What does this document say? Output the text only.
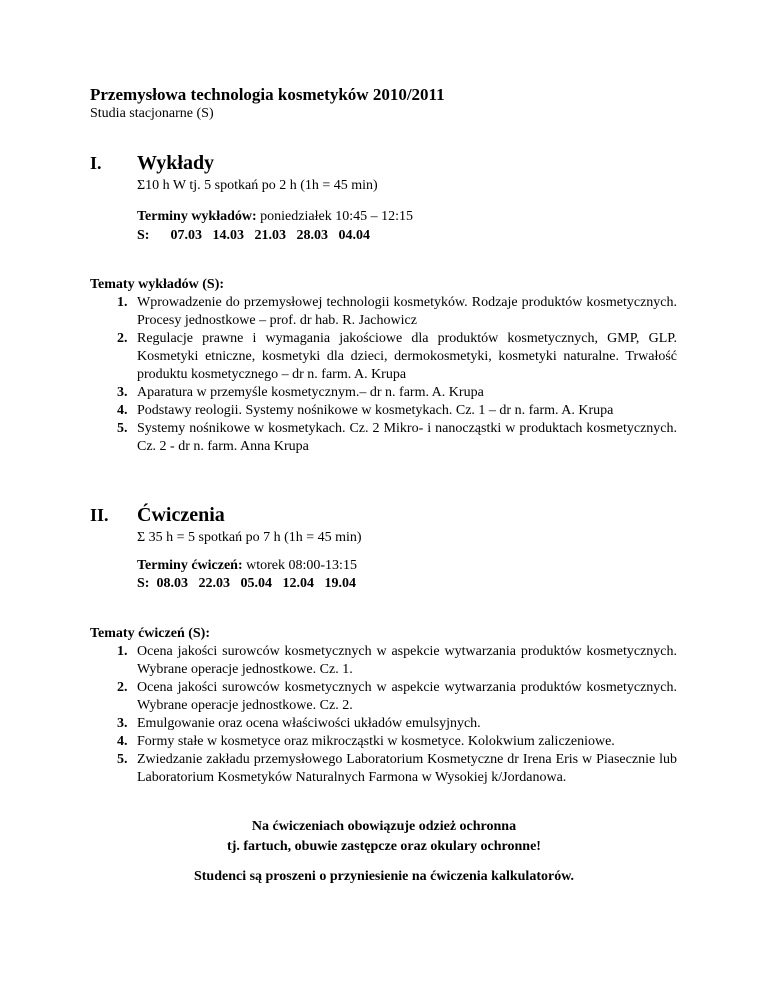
Przemysłowa technologia kosmetyków 2010/2011
Studia stacjonarne (S)
I. Wykłady
Σ10 h W tj. 5 spotkań po 2 h (1h = 45 min)
Terminy wykładów: poniedziałek 10:45 – 12:15
S:      07.03   14.03   21.03   28.03   04.04
Tematy wykładów (S):
1. Wprowadzenie do przemysłowej technologii kosmetyków. Rodzaje produktów kosmetycznych. Procesy jednostkowe – prof. dr hab. R. Jachowicz
2. Regulacje prawne i wymagania jakościowe dla produktów kosmetycznych, GMP, GLP. Kosmetyki etniczne, kosmetyki dla dzieci, dermokosmetyki, kosmetyki naturalne. Trwałość produktu kosmetycznego – dr n. farm. A. Krupa
3. Aparatura w przemyśle kosmetycznym.– dr n. farm. A. Krupa
4. Podstawy reologii. Systemy nośnikowe w kosmetykach. Cz. 1 – dr n. farm. A. Krupa
5. Systemy nośnikowe w kosmetykach. Cz. 2 Mikro- i nanocząstki w produktach kosmetycznych. Cz. 2 - dr n. farm. Anna Krupa
II. Ćwiczenia
Σ 35 h = 5 spotkań po 7 h (1h = 45 min)
Terminy ćwiczeń: wtorek 08:00-13:15
S:  08.03   22.03   05.04   12.04   19.04
Tematy ćwiczeń (S):
1. Ocena jakości surowców kosmetycznych w aspekcie wytwarzania produktów kosmetycznych. Wybrane operacje jednostkowe. Cz. 1.
2. Ocena jakości surowców kosmetycznych w aspekcie wytwarzania produktów kosmetycznych. Wybrane operacje jednostkowe. Cz. 2.
3. Emulgowanie oraz ocena właściwości układów emulsyjnych.
4. Formy stałe w kosmetyce oraz mikrocząstki w kosmetyce. Kolokwium zaliczeniowe.
5. Zwiedzanie zakładu przemysłowego Laboratorium Kosmetyczne dr Irena Eris w Piasecznie lub Laboratorium Kosmetyków Naturalnych Farmona w Wysokiej k/Jordanowa.
Na ćwiczeniach obowiązuje odzież ochronna
tj. fartuch, obuwie zastępcze oraz okulary ochronne!
Studenci są proszeni o przyniesienie na ćwiczenia kalkulatorów.
